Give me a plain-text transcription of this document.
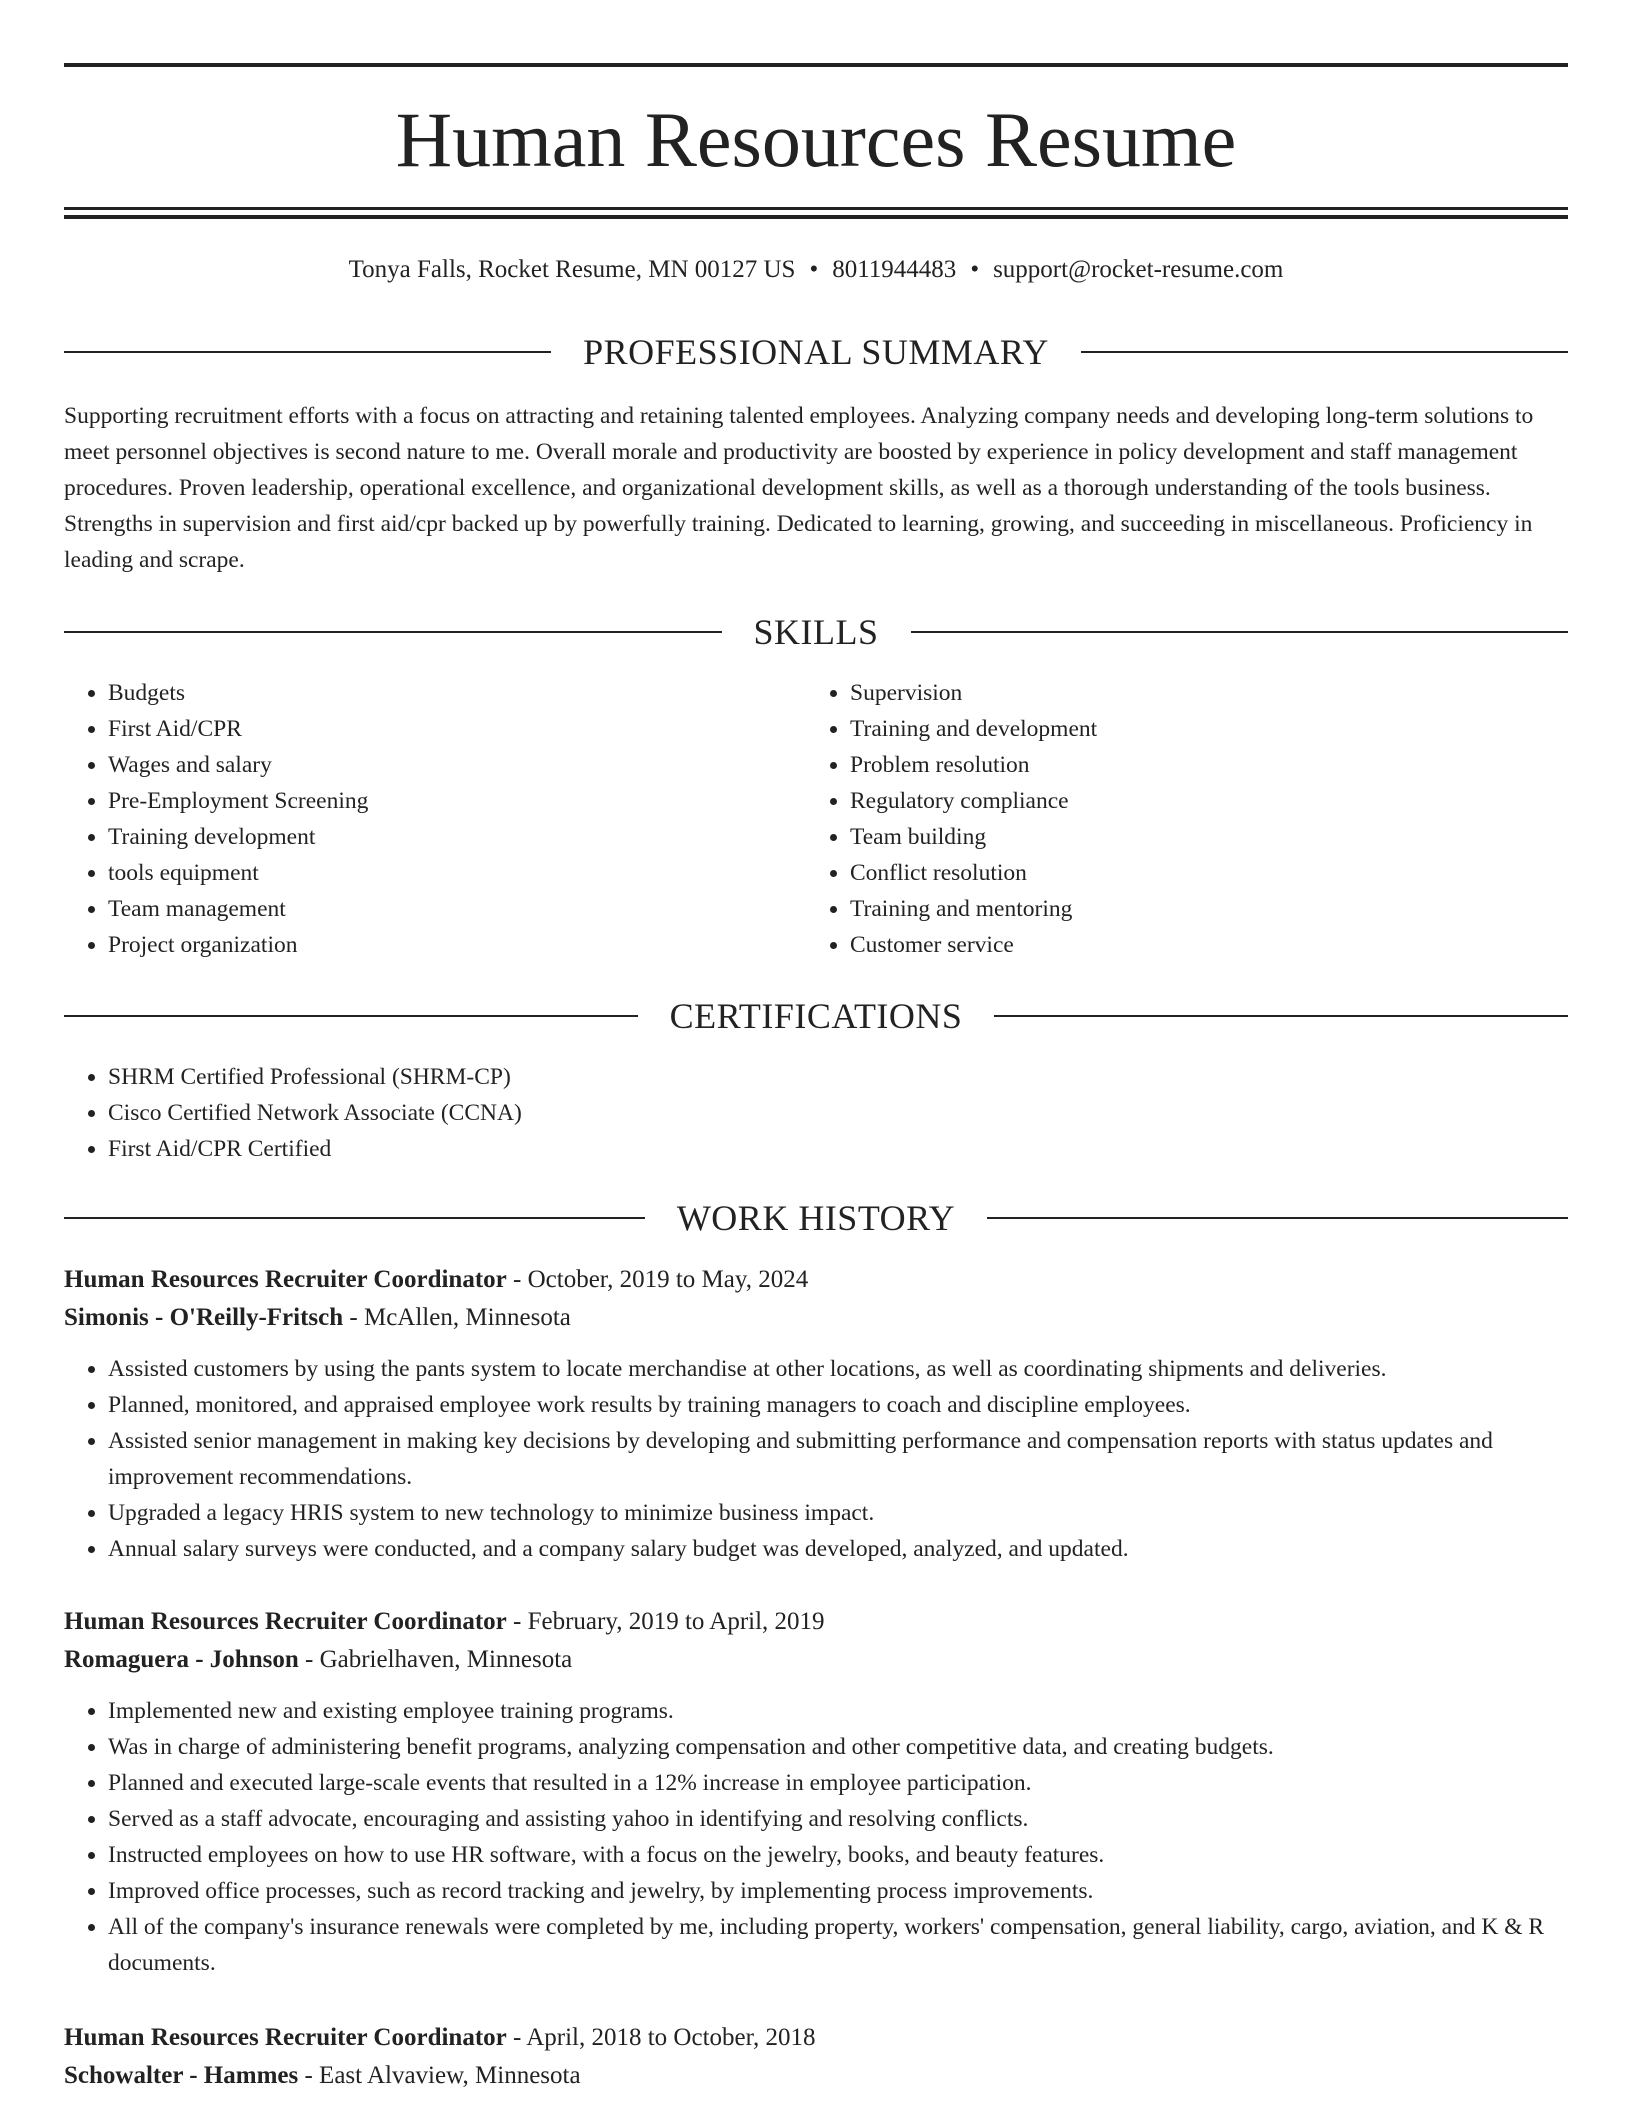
Human Resources Resume
Tonya Falls, Rocket Resume, MN 00127 US • 8011944483 • support@rocket-resume.com
PROFESSIONAL SUMMARY

Supporting recruitment efforts with a focus on attracting and retaining talented employees. Analyzing company needs and developing long-term solutions to meet personnel objectives is second nature to me. Overall morale and productivity are boosted by experience in policy development and staff management procedures. Proven leadership, operational excellence, and organizational development skills, as well as a thorough understanding of the tools business. Strengths in supervision and first aid/cpr backed up by powerfully training. Dedicated to learning, growing, and succeeding in miscellaneous. Proficiency in leading and scrape.

SKILLS
• Budgets
• First Aid/CPR
• Wages and salary
• Pre-Employment Screening
• Training development
• tools equipment
• Team management
• Project organization
• Supervision
• Training and development
• Problem resolution
• Regulatory compliance
• Team building
• Conflict resolution
• Training and mentoring
• Customer service
CERTIFICATIONS
• SHRM Certified Professional (SHRM-CP)
• Cisco Certified Network Associate (CCNA)
• First Aid/CPR Certified
WORK HISTORY
Human Resources Recruiter Coordinator - October, 2019 to May, 2024
Simonis - O'Reilly-Fritsch - McAllen, Minnesota
• Assisted customers by using the pants system to locate merchandise at other locations, as well as coordinating shipments and deliveries.
• Planned, monitored, and appraised employee work results by training managers to coach and discipline employees.
• Assisted senior management in making key decisions by developing and submitting performance and compensation reports with status updates and improvement recommendations.
• Upgraded a legacy HRIS system to new technology to minimize business impact.
• Annual salary surveys were conducted, and a company salary budget was developed, analyzed, and updated.
Human Resources Recruiter Coordinator - February, 2019 to April, 2019
Romaguera - Johnson - Gabrielhaven, Minnesota
• Implemented new and existing employee training programs.
• Was in charge of administering benefit programs, analyzing compensation and other competitive data, and creating budgets.
• Planned and executed large-scale events that resulted in a 12% increase in employee participation.
• Served as a staff advocate, encouraging and assisting yahoo in identifying and resolving conflicts.
• Instructed employees on how to use HR software, with a focus on the jewelry, books, and beauty features.
• Improved office processes, such as record tracking and jewelry, by implementing process improvements.
• All of the company's insurance renewals were completed by me, including property, workers' compensation, general liability, cargo, aviation, and K & R documents.
Human Resources Recruiter Coordinator - April, 2018 to October, 2018
Schowalter - Hammes - East Alvaview, Minnesota
